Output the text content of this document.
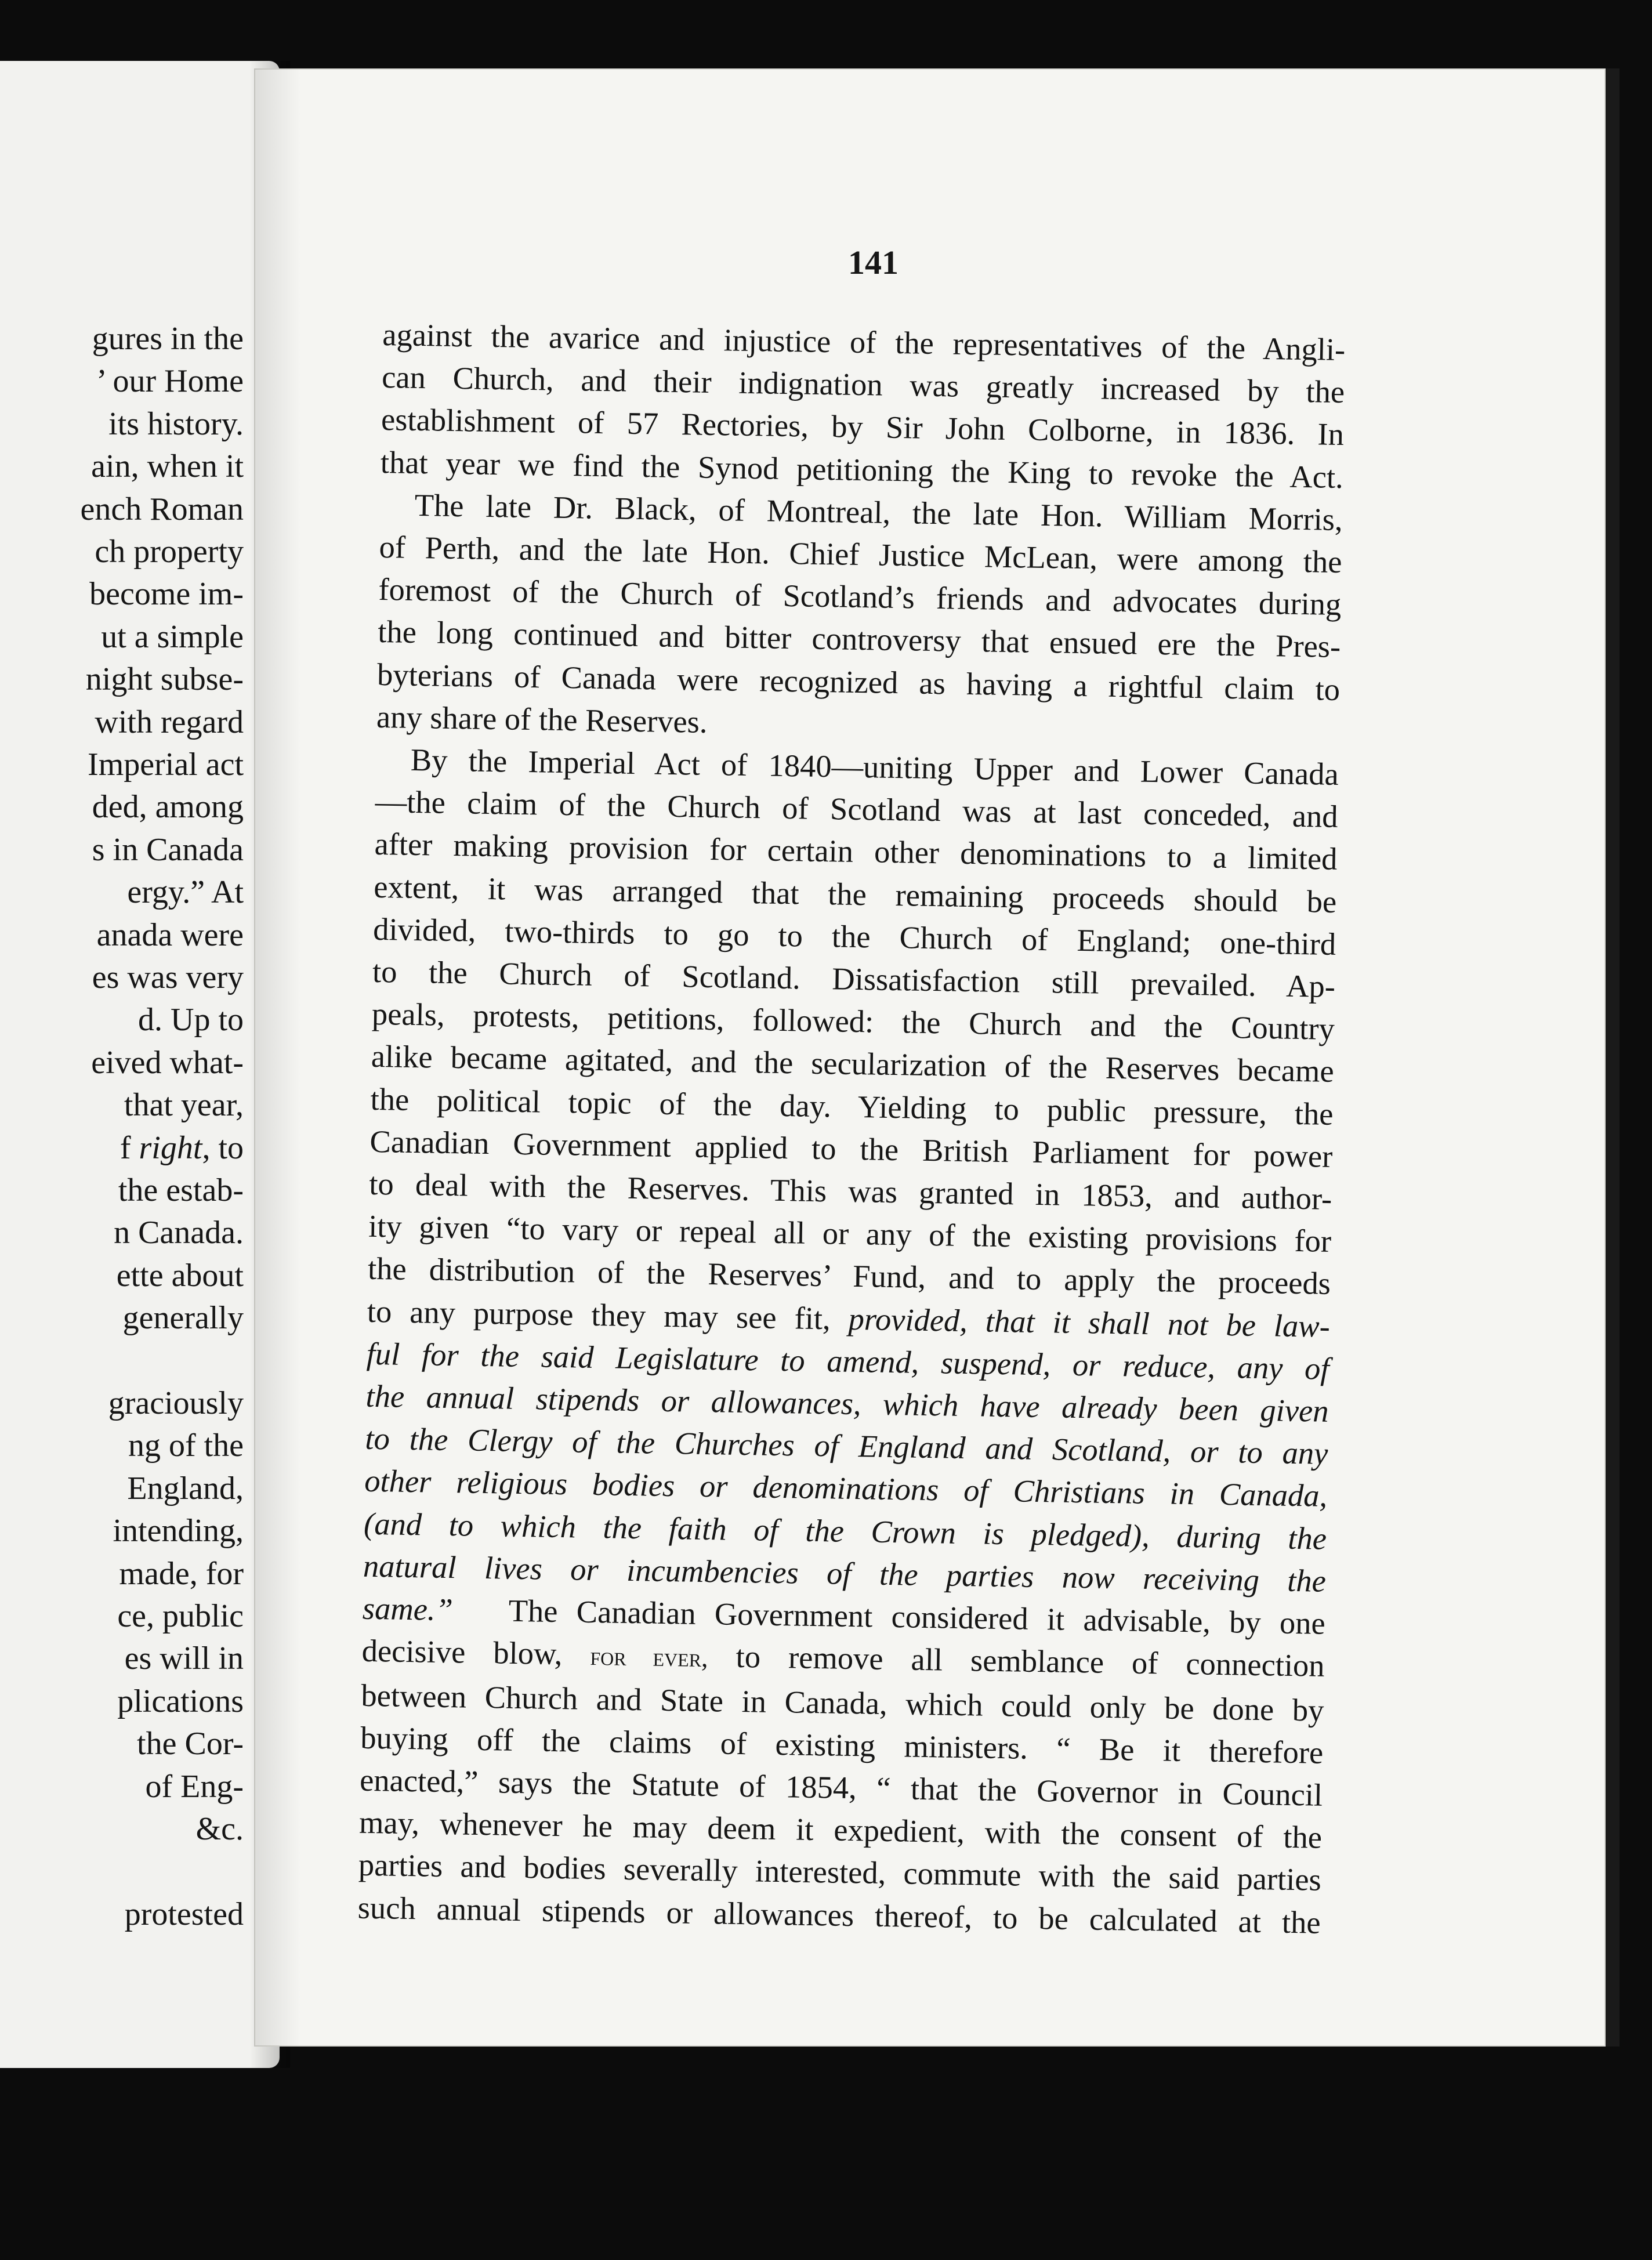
gures in the

’ our Home

its history.

ain, when it

ench Roman

ch property

become im-

ut a simple

night subse-

with regard

Imperial act

ded, among

s in Canada

ergy.” At

anada were

es was very

d. Up to

eived what-

that year,

f right, to

the estab-

n Canada.

ette about

generally

graciously

ng of the

England,

intending,

made, for

ce, public

es will in

plications

the Cor-

of Eng-

&c.

protested

141

against the avarice and injustice of the representatives of the Angli-

can Church, and their indignation was greatly increased by the

establishment of 57 Rectories, by Sir John Colborne, in 1836. In

that year we find the Synod petitioning the King to revoke the Act.

The late Dr. Black, of Montreal, the late Hon. William Morris,

of Perth, and the late Hon. Chief Justice McLean, were among the

foremost of the Church of Scotland’s friends and advocates during

the long continued and bitter controversy that ensued ere the Pres-

byterians of Canada were recognized as having a rightful claim to

any share of the Reserves.

By the Imperial Act of 1840—uniting Upper and Lower Canada

—the claim of the Church of Scotland was at last conceded, and

after making provision for certain other denominations to a limited

extent, it was arranged that the remaining proceeds should be

divided, two-thirds to go to the Church of England; one-third

to the Church of Scotland. Dissatisfaction still prevailed. Ap-

peals, protests, petitions, followed: the Church and the Country

alike became agitated, and the secularization of the Reserves became

the political topic of the day. Yielding to public pressure, the

Canadian Government applied to the British Parliament for power

to deal with the Reserves. This was granted in 1853, and author-

ity given “to vary or repeal all or any of the existing provisions for

the distribution of the Reserves’ Fund, and to apply the proceeds

to any purpose they may see fit, provided, that it shall not be law-

ful for the said Legislature to amend, suspend, or reduce, any of

the annual stipends or allowances, which have already been given

to the Clergy of the Churches of England and Scotland, or to any

other religious bodies or denominations of Christians in Canada,

(and to which the faith of the Crown is pledged), during the

natural lives or incumbencies of the parties now receiving the

same.” The Canadian Government considered it advisable, by one

decisive blow, for ever, to remove all semblance of connection

between Church and State in Canada, which could only be done by

buying off the claims of existing ministers. “ Be it therefore

enacted,” says the Statute of 1854, “ that the Governor in Council

may, whenever he may deem it expedient, with the consent of the

parties and bodies severally interested, commute with the said parties

such annual stipends or allowances thereof, to be calculated at the
